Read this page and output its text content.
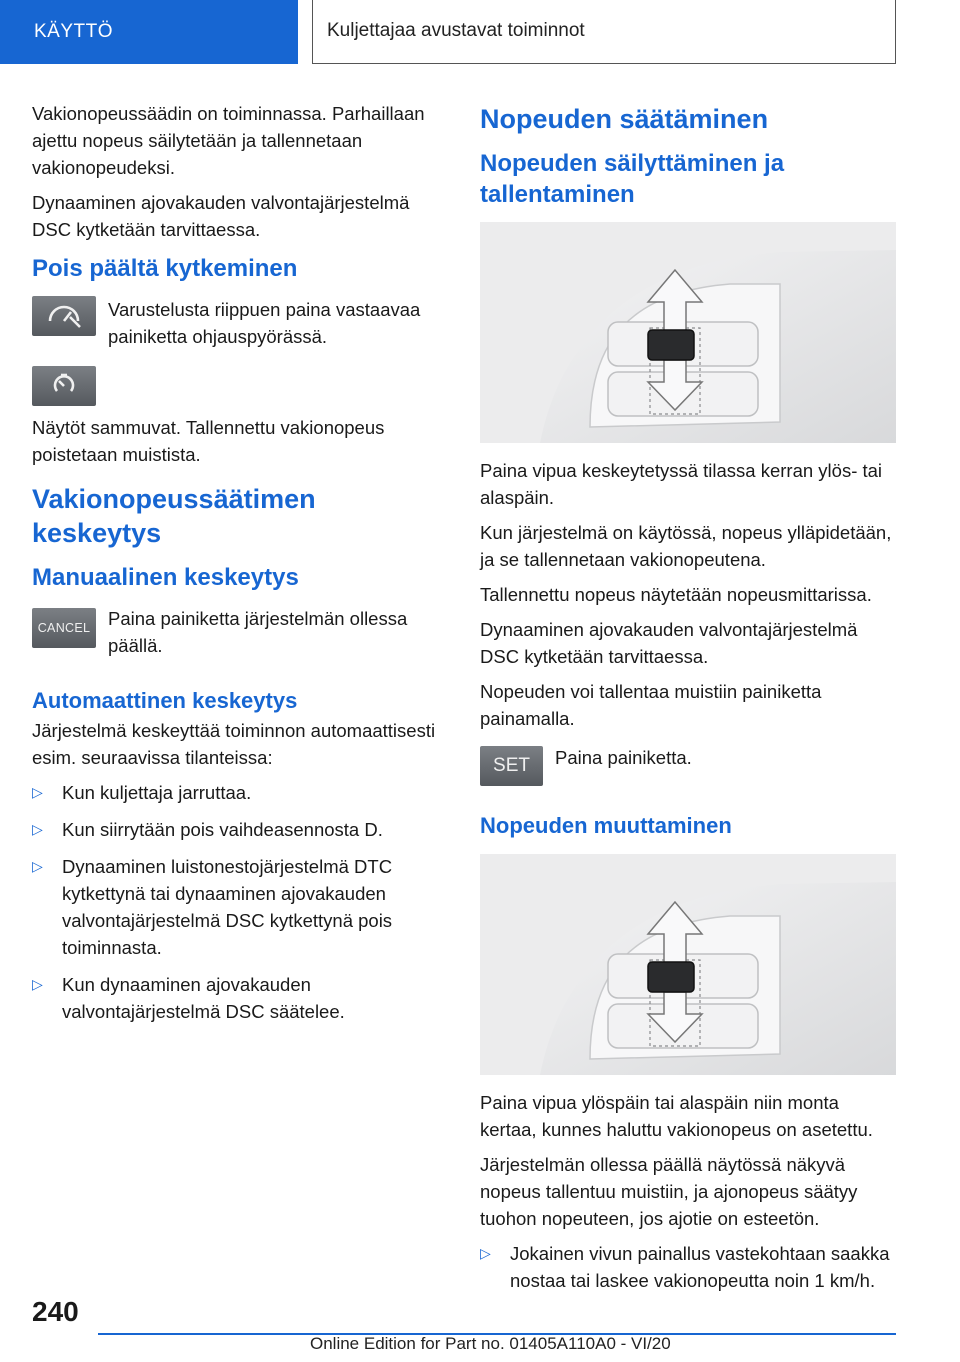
KÄYTTÖ	Kuljettajaa avustavat toiminnot

Vakionopeussäädin on toiminnassa. Parhaillaan ajettu nopeus säilytetään ja tallennetaan vakionopeudeksi.

Dynaaminen ajovakauden valvontajärjestelmä DSC kytketään tarvittaessa.

Pois päältä kytkeminen

Varustelusta riippuen paina vastaavaa painiketta ohjauspyörässä.

Näytöt sammuvat. Tallennettu vakionopeus poistetaan muistista.

Vakionopeussäätimen keskeytys
Manuaalinen keskeytys
CANCEL Paina painiketta järjestelmän ollessa päällä.

Automaattinen keskeytys

Järjestelmä keskeyttää toiminnon automaattisesti esim. seuraavissa tilanteissa:

▷ Kun kuljettaja jarruttaa.
▷ Kun siirrytään pois vaihdeasennosta D.
▷ Dynaaminen luistonestojärjestelmä DTC kytkettynä tai dynaaminen ajovakauden valvontajärjestelmä DSC kytkettynä pois toiminnasta.
▷ Kun dynaaminen ajovakauden valvontajärjestelmä DSC säätelee.
Nopeuden säätäminen
Nopeuden säilyttäminen ja tallentaminen

Paina vipua keskeytetyssä tilassa kerran ylös- tai alaspäin.

Kun järjestelmä on käytössä, nopeus ylläpidetään, ja se tallennetaan vakionopeutena.

Tallennettu nopeus näytetään nopeusmittarissa.

Dynaaminen ajovakauden valvontajärjestelmä DSC kytketään tarvittaessa.

Nopeuden voi tallentaa muistiin painiketta painamalla.

SET	Paina painiketta.

Nopeuden muuttaminen

Paina vipua ylöspäin tai alaspäin niin monta kertaa, kunnes haluttu vakionopeus on asetettu.

Järjestelmän ollessa päällä näytössä näkyvä nopeus tallentuu muistiin, ja ajonopeus säätyy tuohon nopeuteen, jos ajotie on esteetön.

▷ Jokainen vivun painallus vastekohtaan saakka nostaa tai laskee vakionopeutta noin 1 km/h.
240
Online Edition for Part no. 01405A110A0 - VI/20
